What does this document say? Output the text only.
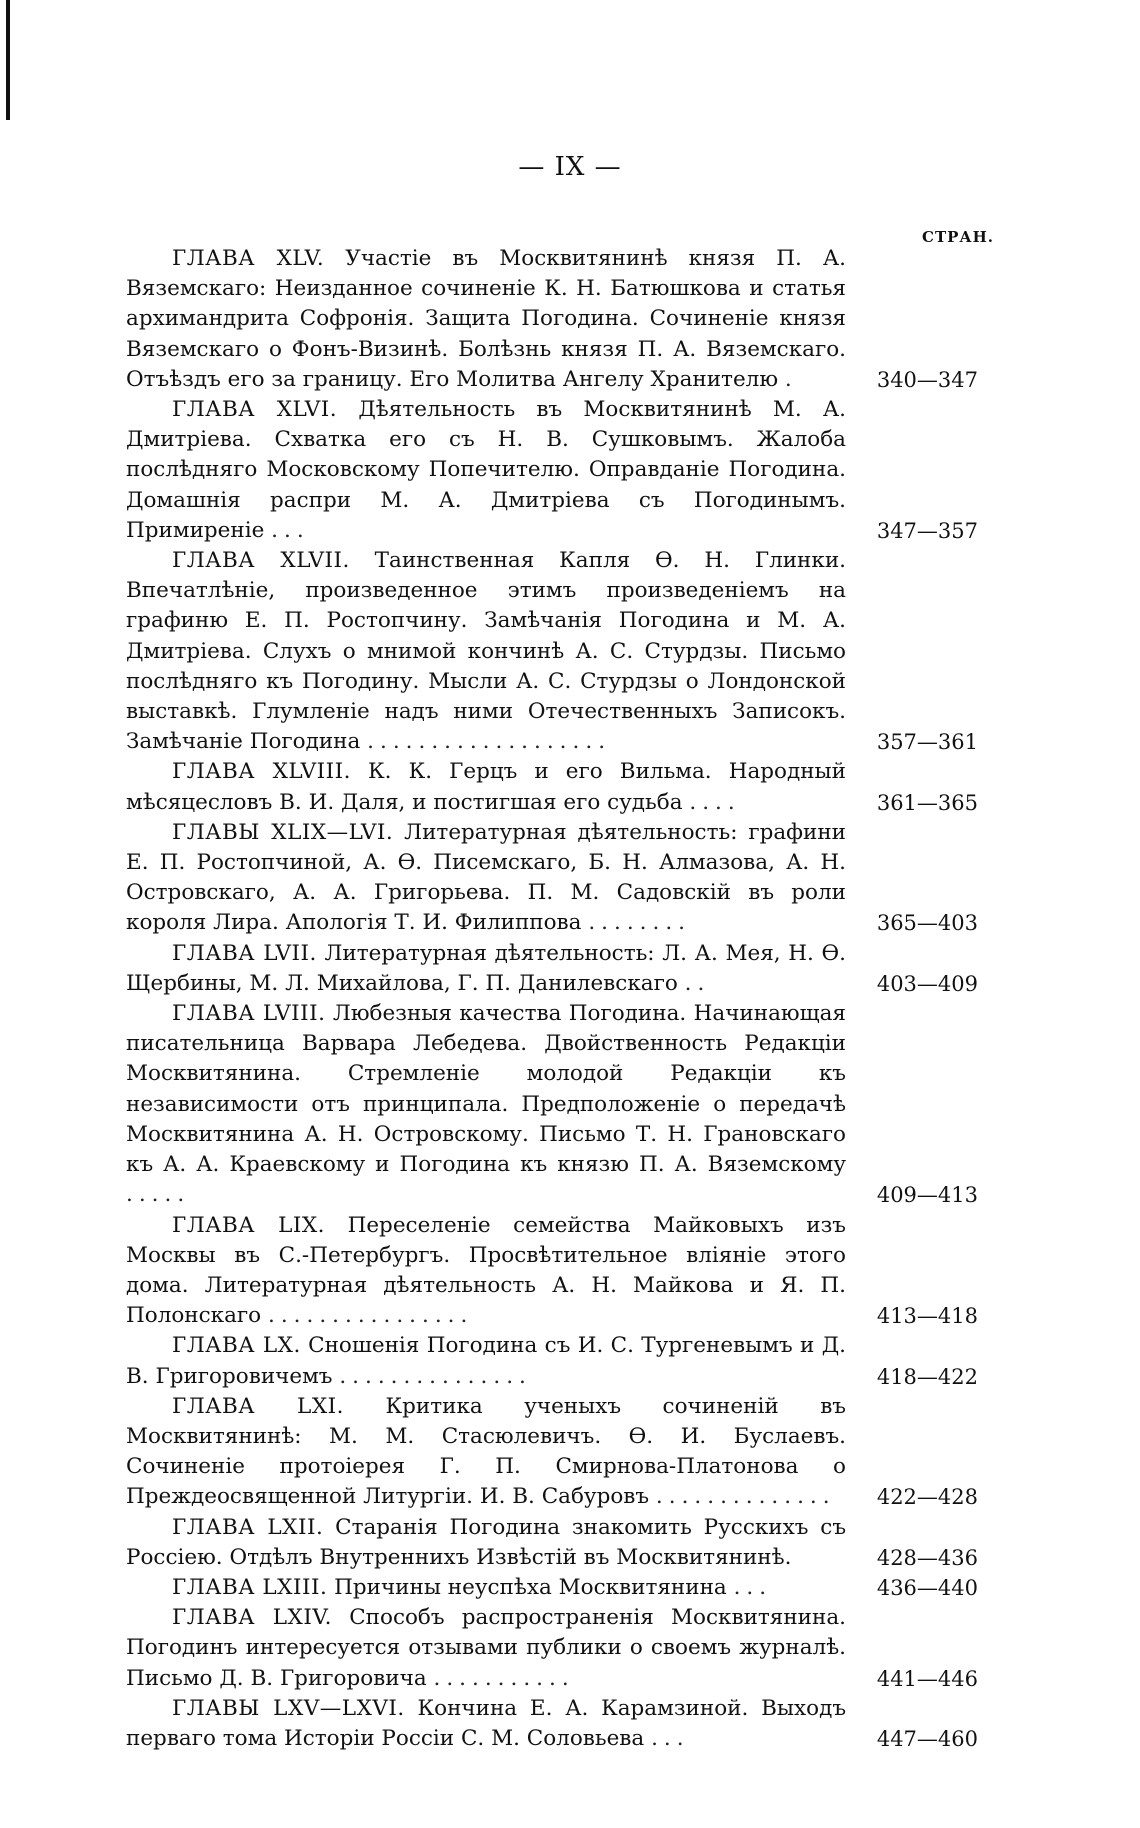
— IX —
СТРАН.
ГЛАВА XLV. Участіе въ Москвитянинѣ князя П. А. Вяземскаго: Неизданное сочиненіе К. Н. Батюшкова и статья архимандрита Софронія. Защита Погодина. Сочиненіе князя Вяземскаго о Фонъ-Визинѣ. Болѣзнь князя П. А. Вяземскаго. Отъѣздъ его за границу. Его Молитва Ангелу Хранителю .	340—347
ГЛАВА XLVI. Дѣятельность въ Москвитянинѣ М. А. Дмитріева. Схватка его съ Н. В. Сушковымъ. Жалоба послѣдняго Московскому Попечителю. Оправданіе Погодина. Домашнія распри М. А. Дмитріева съ Погодинымъ. Примиреніе ...	347—357
ГЛАВА XLVII. Таинственная Капля Ѳ. Н. Глинки. Впечатлѣніе, произведенное этимъ произведеніемъ на графиню Е. П. Ростопчину. Замѣчанія Погодина и М. А. Дмитріева. Слухъ о мнимой кончинѣ А. С. Стурдзы. Письмо послѣдняго къ Погодину. Мысли А. С. Стурдзы о Лондонской выставкѣ. Глумленіе надъ ними Отечественныхъ Записокъ. Замѣчаніе Погодина ...................	357—361
ГЛАВА XLVIII. К. К. Герцъ и его Вильма. Народный мѣсяцесловъ В. И. Даля, и постигшая его судьба ....	361—365
ГЛАВЫ XLIX—LVI. Литературная дѣятельность: графини Е. П. Ростопчиной, А. Ѳ. Писемскаго, Б. Н. Алмазова, А. Н. Островскаго, А. А. Григорьева. П. М. Садовскій въ роли короля Лира. Апологія Т. И. Филиппова ........	365—403
ГЛАВА LVII. Литературная дѣятельность: Л. А. Мея, Н. Ѳ. Щербины, М. Л. Михайловa, Г. П. Данилевскаго ..	403—409
ГЛАВА LVIII. Любезныя качества Погодина. Начинающая писательница Варвара Лебедева. Двойственность Редакціи Москвитянина. Стремленіе молодой Редакціи къ независимости отъ принципала. Предположеніе о передачѣ Москвитянина А. Н. Островскому. Письмо Т. Н. Грановскаго къ А. А. Краевскому и Погодина къ князю П. А. Вяземскому .....	409—413
ГЛАВА LIX. Переселеніе семейства Майковыхъ изъ Москвы въ С.-Петербургъ. Просвѣтительное вліяніе этого дома. Литературная дѣятельность А. Н. Майкова и Я. П. Полонскаго ................	413—418
ГЛАВА LX. Сношенія Погодина съ И. С. Тургеневымъ и Д. В. Григоровичемъ ...............	418—422
ГЛАВА LXI. Критика ученыхъ сочиненій въ Москвитянинѣ: М. М. Стасюлевичъ. Ѳ. И. Буслаевъ. Сочиненіе протоіерея Г. П. Смирнова-Платонова о Преждеосвященной Литургіи. И. В. Сабуровъ ..............	422—428
ГЛАВА LXII. Старанія Погодина знакомить Русскихъ съ Россіею. Отдѣлъ Внутреннихъ Извѣстій въ Москвитянинѣ.	428—436
ГЛАВА LXIII. Причины неуспѣха Москвитянина ...	436—440
ГЛАВА LXIV. Способъ распространенія Москвитянина. Погодинъ интересуется отзывами публики о своемъ журналѣ. Письмо Д. В. Григоровича ...........	441—446
ГЛАВЫ LXV—LXVI. Кончина Е. А. Карамзиной. Выходъ перваго тома Исторіи Россіи С. М. Соловьева ...	447—460
